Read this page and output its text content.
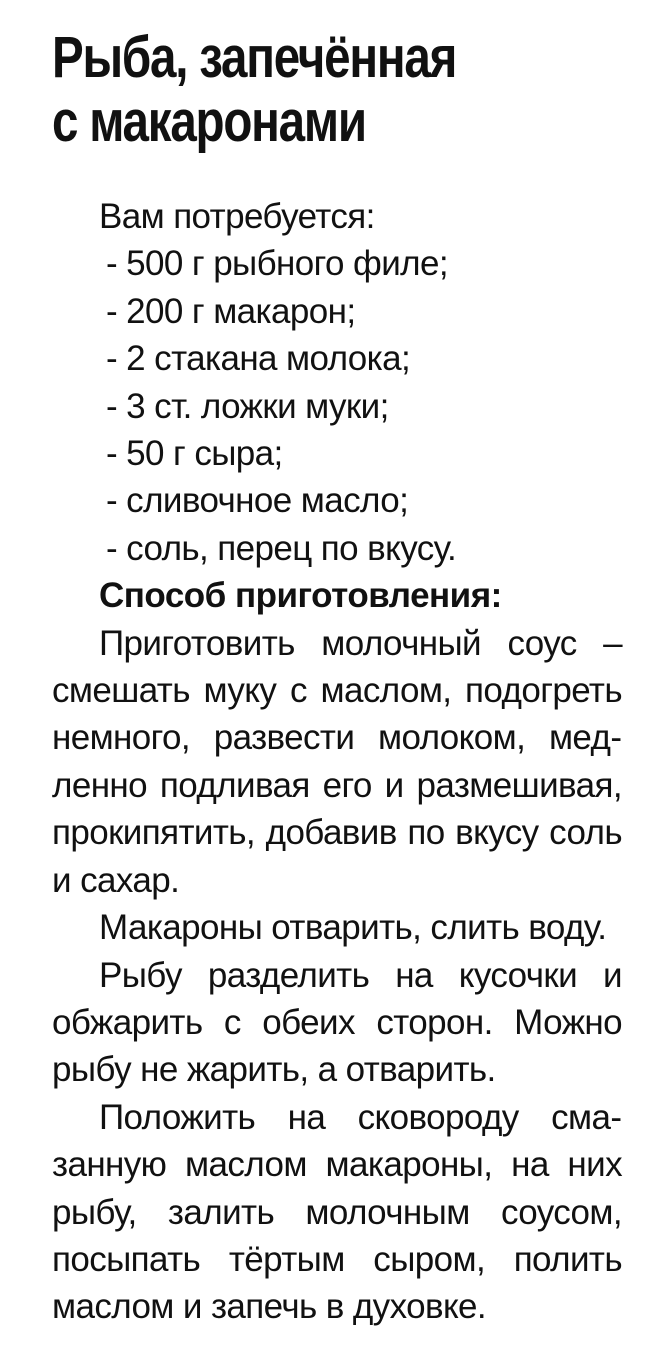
Рыба, запечённая
с макаронами

Вам потребуется:

- 500 г рыбного филе;
- 200 г макарон;
- 2 стакана молока;
- 3 ст. ложки муки;
- 50 г сыра;
- сливочное масло;
- соль, перец по вкусу.

Способ приготовления:

Приготовить молочный соус – смешать муку с маслом, подогреть немного, развести молоком, медленно подливая его и размешивая, прокипятить, добавив по вкусу соль и сахар.

Макароны отварить, слить воду.

Рыбу разделить на кусочки и обжарить с обеих сторон. Можно рыбу не жарить, а отварить.

Положить на сковороду смазанную маслом макароны, на них рыбу, залить молочным соусом, посыпать тёртым сыром, полить маслом и запечь в духовке.
